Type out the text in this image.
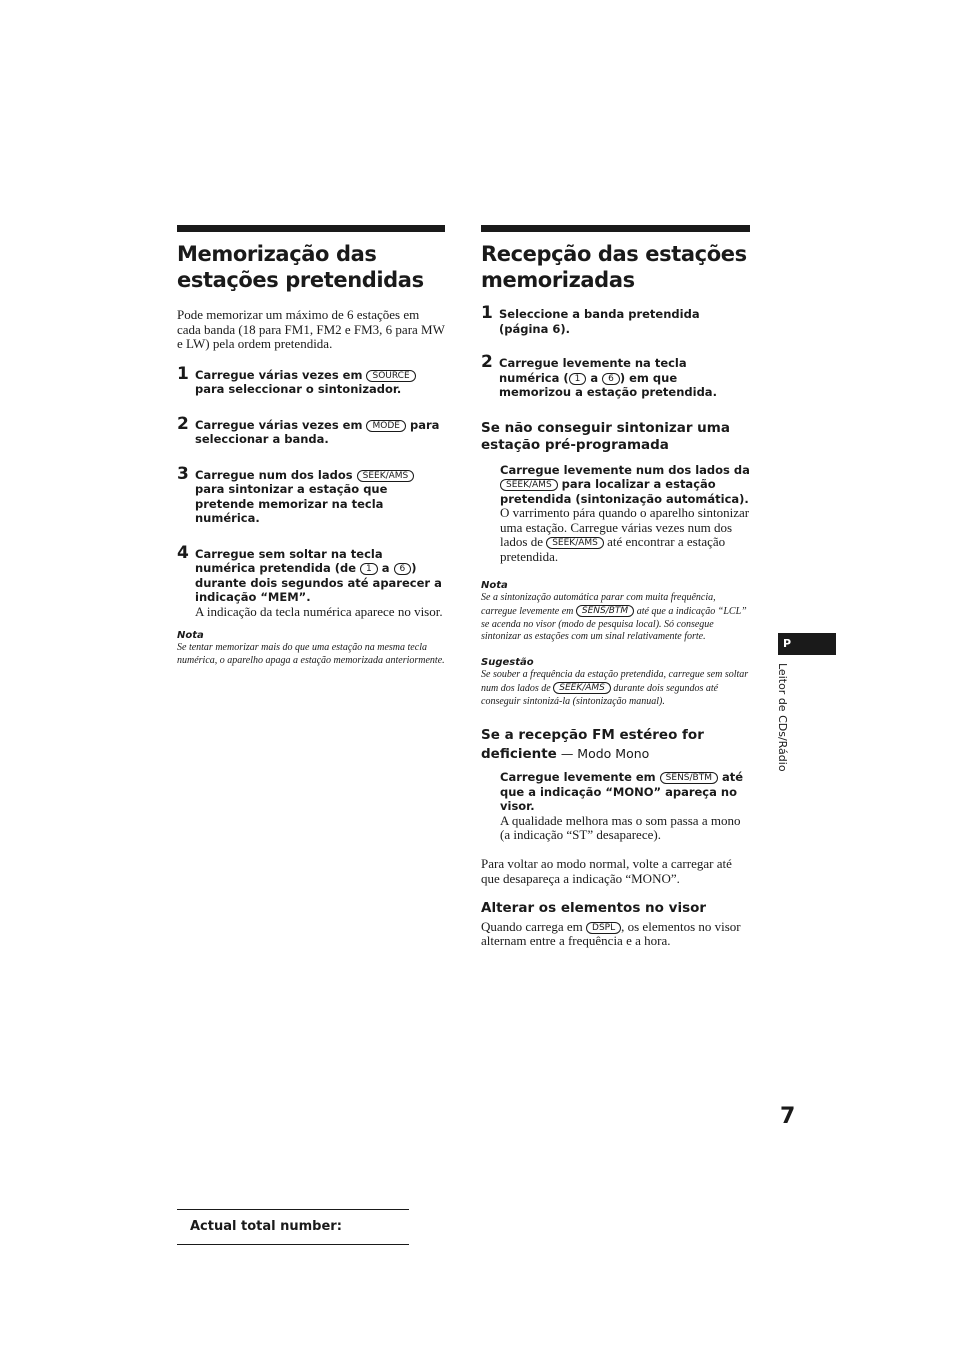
Memorização das estações pretendidas

Pode memorizar um máximo de 6 estações em cada banda (18 para FM1, FM2 e FM3, 6 para MW e LW) pela ordem pretendida.

1 Carregue várias vezes em SOURCE para seleccionar o sintonizador.
2 Carregue várias vezes em MODE para seleccionar a banda.
3 Carregue num dos lados SEEK/AMS para sintonizar a estação que pretende memorizar na tecla numérica.
4 Carregue sem soltar na tecla numérica pretendida (de 1 a 6 ) durante dois segundos até aparecer a indicação “MEM”.
A indicação da tecla numérica aparece no visor.
Nota
Se tentar memorizar mais do que uma estação na mesma tecla numérica, o aparelho apaga a estação memorizada anteriormente.
Recepção das estações memorizadas
1 Seleccione a banda pretendida (página 6).
2 Carregue levemente na tecla numérica ( 1 a 6 ) em que memorizou a estação pretendida.
Se não conseguir sintonizar uma estação pré-programada
Carregue levemente num dos lados da SEEK/AMS para localizar a estação pretendida (sintonização automática).
O varrimento pára quando o aparelho sintonizar uma estação. Carregue várias vezes num dos lados de SEEK/AMS até encontrar a estação pretendida.
Nota
Se a sintonização automática parar com muita frequência, carregue levemente em SENS/BTM até que a indicação “LCL” se acenda no visor (modo de pesquisa local). Só consegue sintonizar as estações com um sinal relativamente forte.
Sugestão
Se souber a frequência da estação pretendida, carregue sem soltar num dos lados de SEEK/AMS durante dois segundos até conseguir sintonizá-la (sintonização manual).
Se a recepção FM estéreo for deficiente — Modo Mono
Carregue levemente em SENS/BTM até que a indicação “MONO” apareça no visor.
A qualidade melhora mas o som passa a mono (a indicação “ST” desaparece).
Para voltar ao modo normal, volte a carregar até que desapareça a indicação “MONO”.
Alterar os elementos no visor
Quando carrega em DSPL , os elementos no visor alternam entre a frequência e a hora.
P
Leitor de CDs/Rádio
7
Actual total number:
